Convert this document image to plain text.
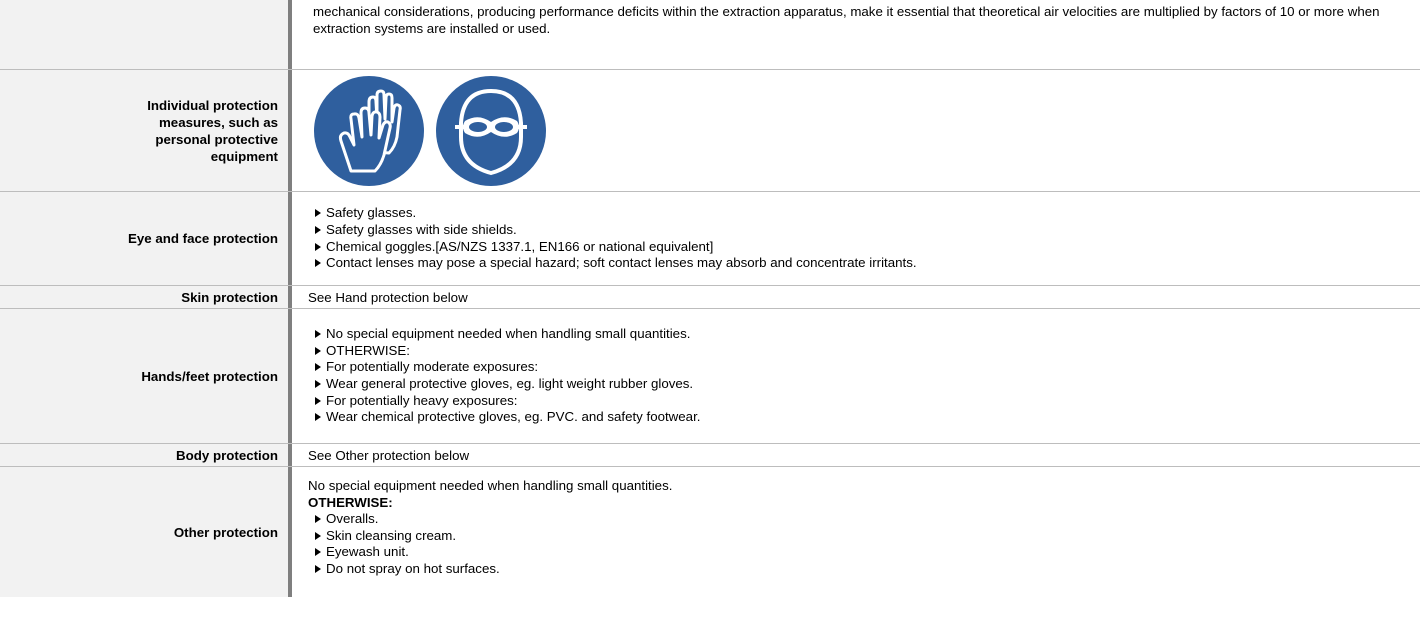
mechanical considerations, producing performance deficits within the extraction apparatus, make it essential that theoretical air velocities are multiplied by factors of 10 or more when extraction systems are installed or used.
Individual protection measures, such as personal protective equipment
Eye and face protection
Safety glasses.
Safety glasses with side shields.
Chemical goggles.[AS/NZS 1337.1, EN166 or national equivalent]
Contact lenses may pose a special hazard; soft contact lenses may absorb and concentrate irritants.
Skin protection See Hand protection below
Hands/feet protection
No special equipment needed when handling small quantities.
OTHERWISE:
For potentially moderate exposures:
Wear general protective gloves, eg. light weight rubber gloves.
For potentially heavy exposures:
Wear chemical protective gloves, eg. PVC. and safety footwear.
Body protection See Other protection below
Other protection
No special equipment needed when handling small quantities.
OTHERWISE:
Overalls.
Skin cleansing cream.
Eyewash unit.
Do not spray on hot surfaces.
